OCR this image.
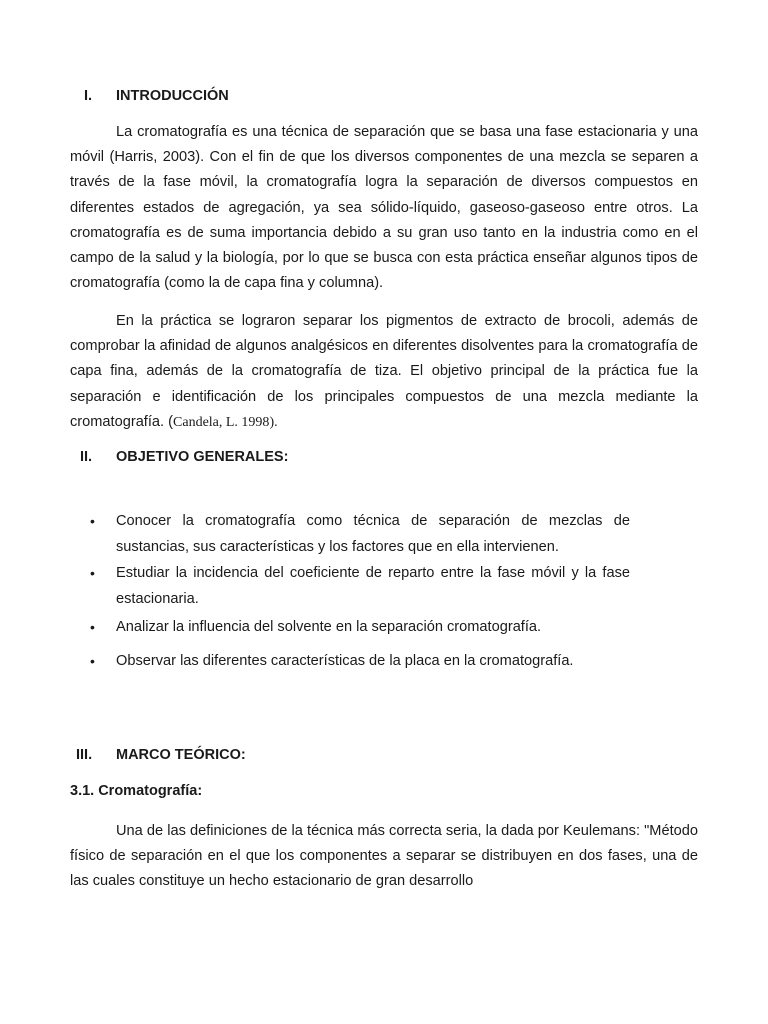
I. INTRODUCCIÓN

La cromatografía es una técnica de separación que se basa una fase estacionaria y una móvil (Harris, 2003). Con el fin de que los diversos componentes de una mezcla se separen a través de la fase móvil, la cromatografía logra la separación de diversos compuestos en diferentes estados de agregación, ya sea sólido-líquido, gaseoso-gaseoso entre otros. La cromatografía es de suma importancia debido a su gran uso tanto en la industria como en el campo de la salud y la biología, por lo que se busca con esta práctica enseñar algunos tipos de cromatografía (como la de capa fina y columna).

En la práctica se lograron separar los pigmentos de extracto de brocoli, además de comprobar la afinidad de algunos analgésicos en diferentes disolventes para la cromatografía de capa fina, además de la cromatografía de tiza. El objetivo principal de la práctica fue la separación e identificación de los principales compuestos de una mezcla mediante la cromatografía. (Candela, L. 1998).

II. OBJETIVO GENERALES:
• Conocer la cromatografía como técnica de separación de mezclas de sustancias, sus características y los factores que en ella intervienen.
• Estudiar la incidencia del coeficiente de reparto entre la fase móvil y la fase estacionaria.
• Analizar la influencia del solvente en la separación cromatografía.
• Observar las diferentes características de la placa en la cromatografía.
III. MARCO TEÓRICO:
3.1. Cromatografía:

Una de las definiciones de la técnica más correcta seria, la dada por Keulemans: "Método físico de separación en el que los componentes a separar se distribuyen en dos fases, una de las cuales constituye un hecho estacionario de gran desarrollo
